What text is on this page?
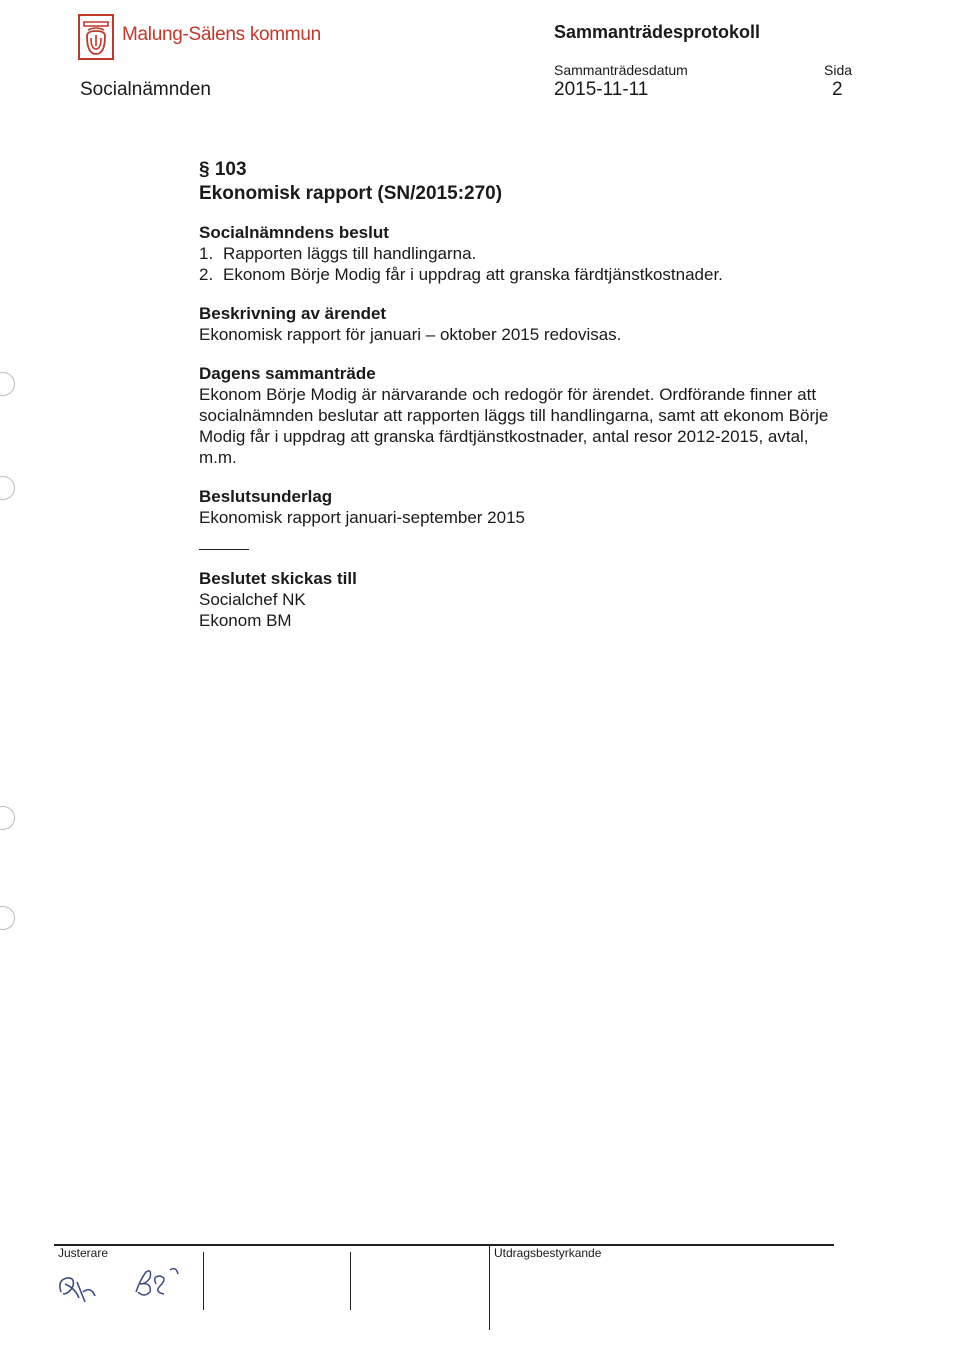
Malung-Sälens kommun	Sammanträdesprotokoll
Socialnämnden
Sammanträdesdatum
2015-11-11
Sida
2
§ 103
Ekonomisk rapport (SN/2015:270)
Socialnämndens beslut
1. Rapporten läggs till handlingarna.
2. Ekonom Börje Modig får i uppdrag att granska färdtjänstkostnader.
Beskrivning av ärendet

Ekonomisk rapport för januari – oktober 2015 redovisas.

Dagens sammanträde

Ekonom Börje Modig är närvarande och redogör för ärendet. Ordförande finner att socialnämnden beslutar att rapporten läggs till handlingarna, samt att ekonom Börje Modig får i uppdrag att granska färdtjänstkostnader, antal resor 2012-2015, avtal, m.m.

Beslutsunderlag

Ekonomisk rapport januari-september 2015

Beslutet skickas till

Socialchef NK

Ekonom BM

Justerare	Utdragsbestyrkande
